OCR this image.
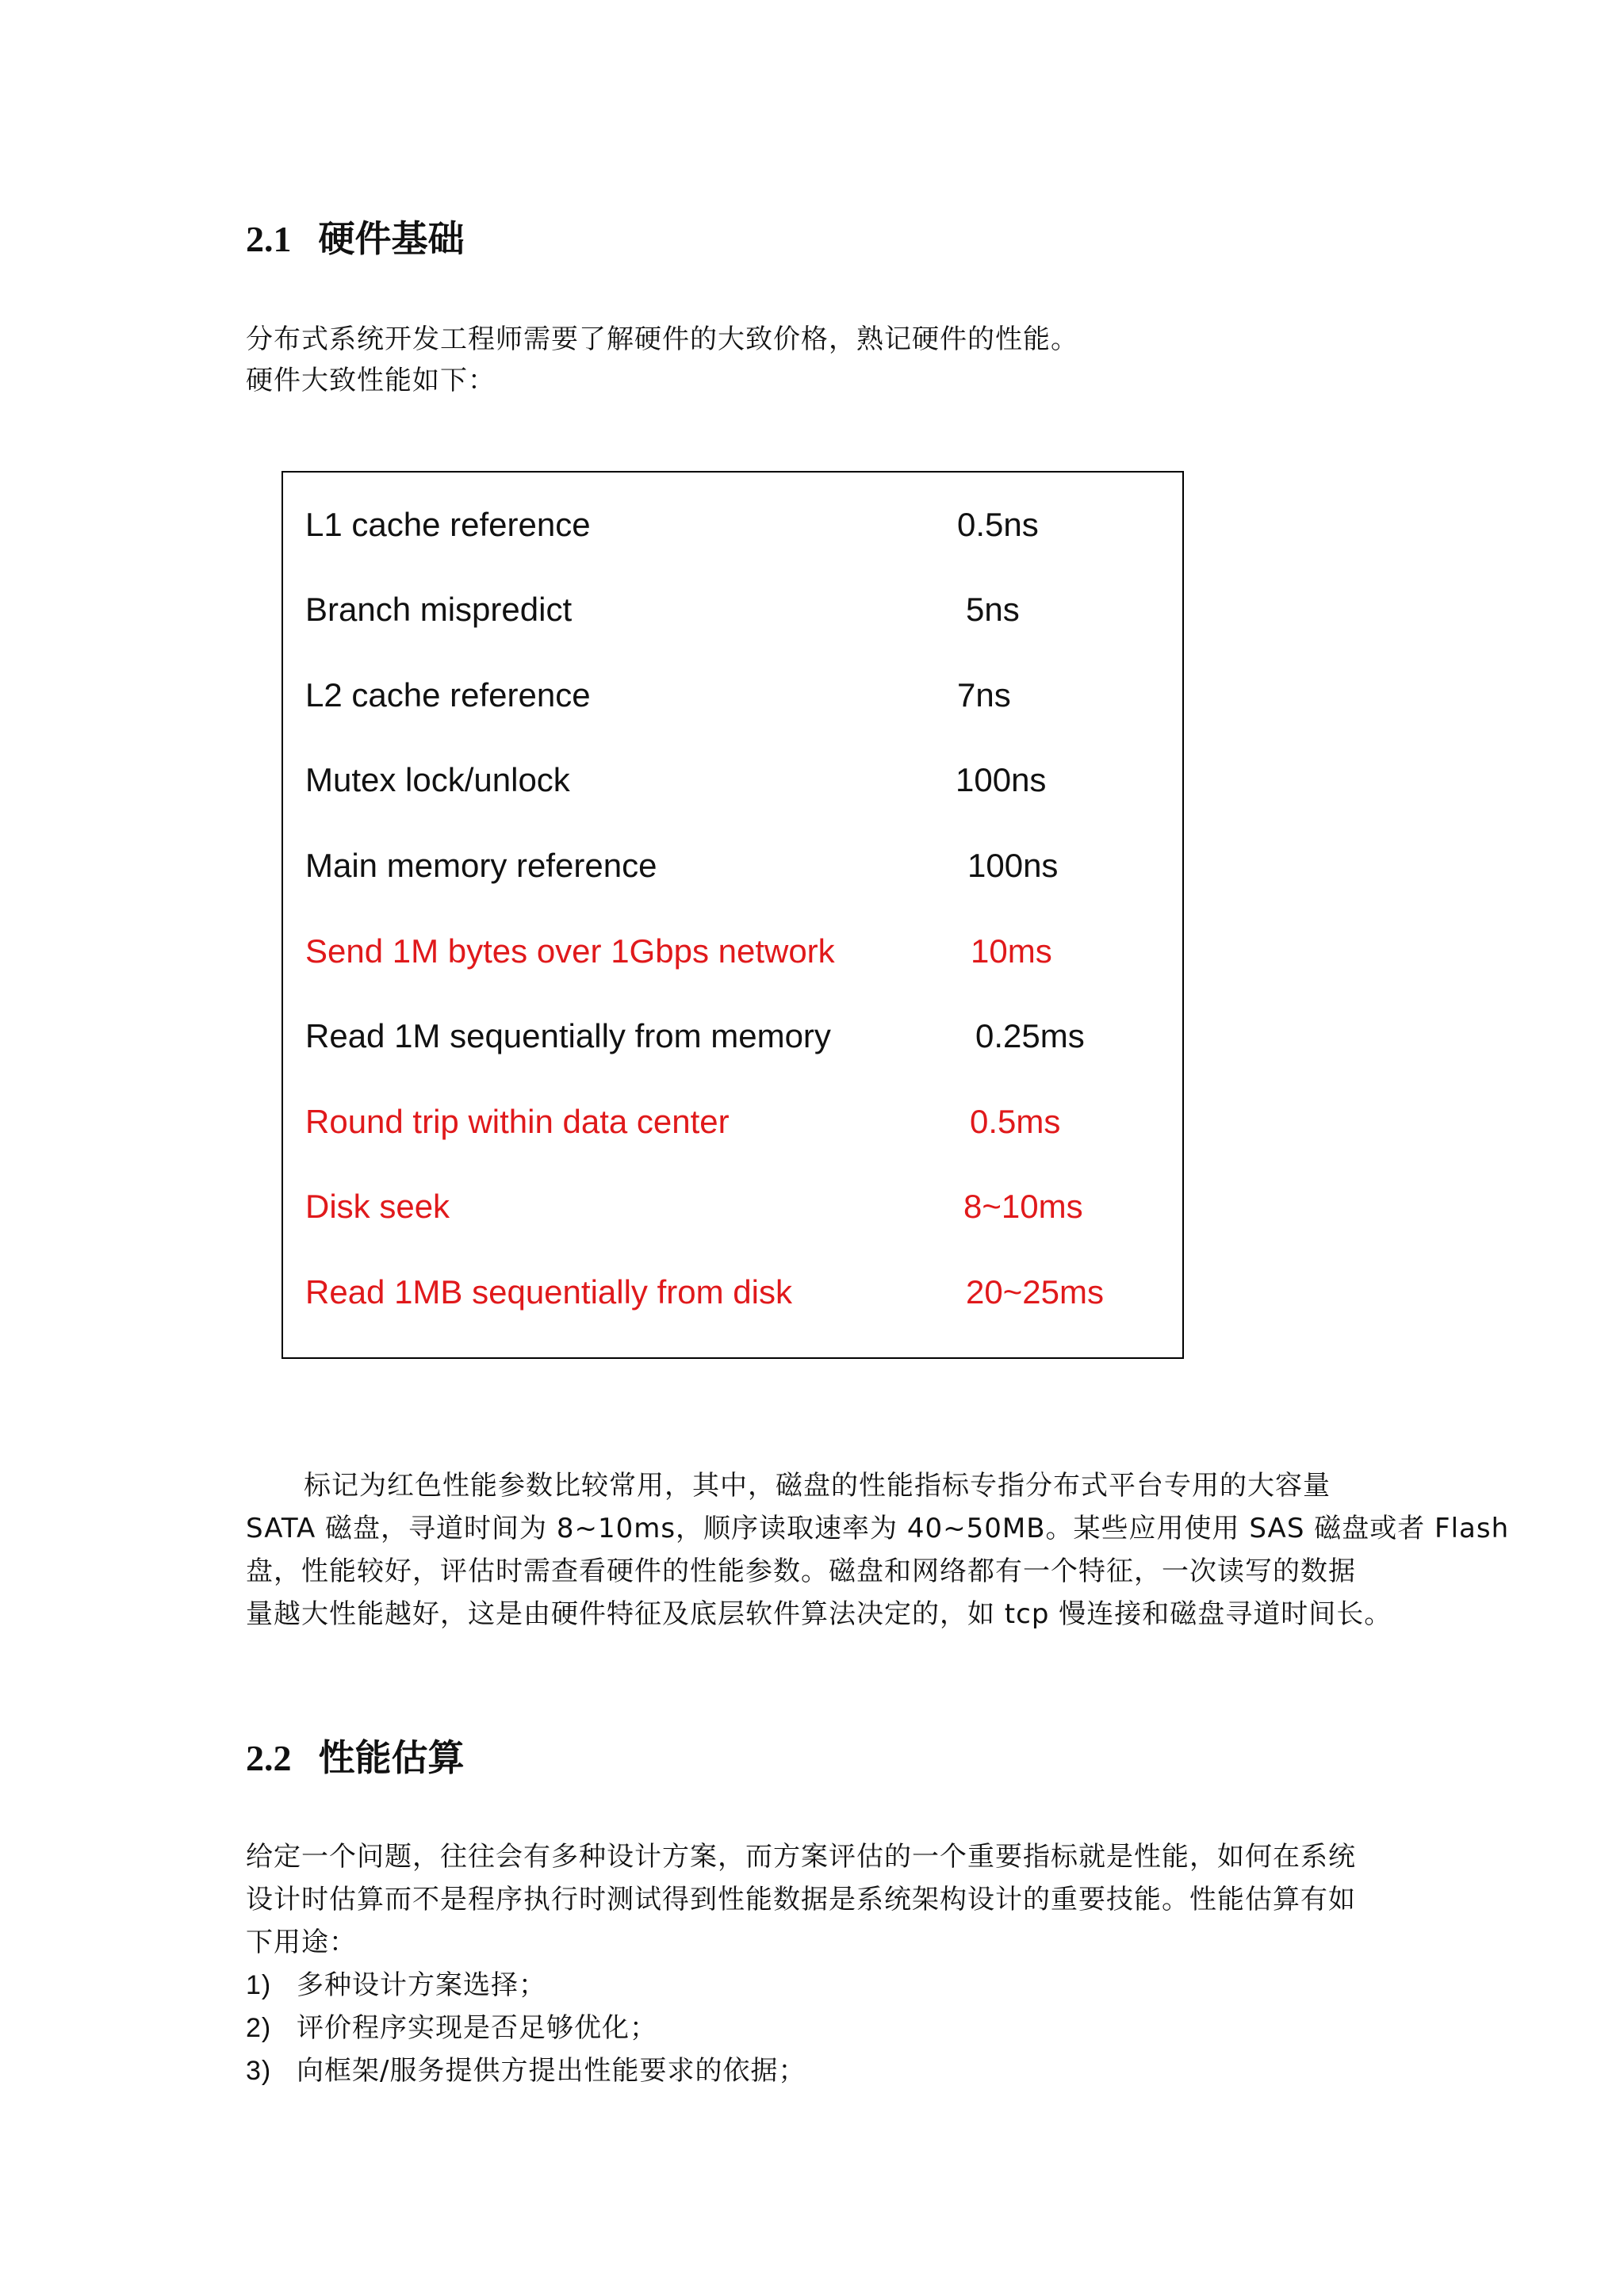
2.1 硬件基础
分布式系统开发工程师需要了解硬件的大致价格，熟记硬件的性能。
硬件大致性能如下：
L1 cache reference	0.5ns
Branch mispredict	5ns
L2 cache reference	7ns
Mutex lock/unlock	100ns
Main memory reference	100ns
Send 1M bytes over 1Gbps network	10ms
Read 1M sequentially from memory	0.25ms
Round trip within data center	0.5ms
Disk seek	8~10ms
Read 1MB sequentially from disk	20~25ms
标记为红色性能参数比较常用，其中，磁盘的性能指标专指分布式平台专用的大容量
SATA 磁盘，寻道时间为 8~10ms，顺序读取速率为 40~50MB。某些应用使用 SAS 磁盘或者 Flash
盘，性能较好，评估时需查看硬件的性能参数。磁盘和网络都有一个特征，一次读写的数据
量越大性能越好，这是由硬件特征及底层软件算法决定的，如 tcp 慢连接和磁盘寻道时间长。
2.2 性能估算
给定一个问题，往往会有多种设计方案，而方案评估的一个重要指标就是性能，如何在系统
设计时估算而不是程序执行时测试得到性能数据是系统架构设计的重要技能。性能估算有如
下用途：
1) 多种设计方案选择；
2) 评价程序实现是否足够优化；
3) 向框架/服务提供方提出性能要求的依据；
